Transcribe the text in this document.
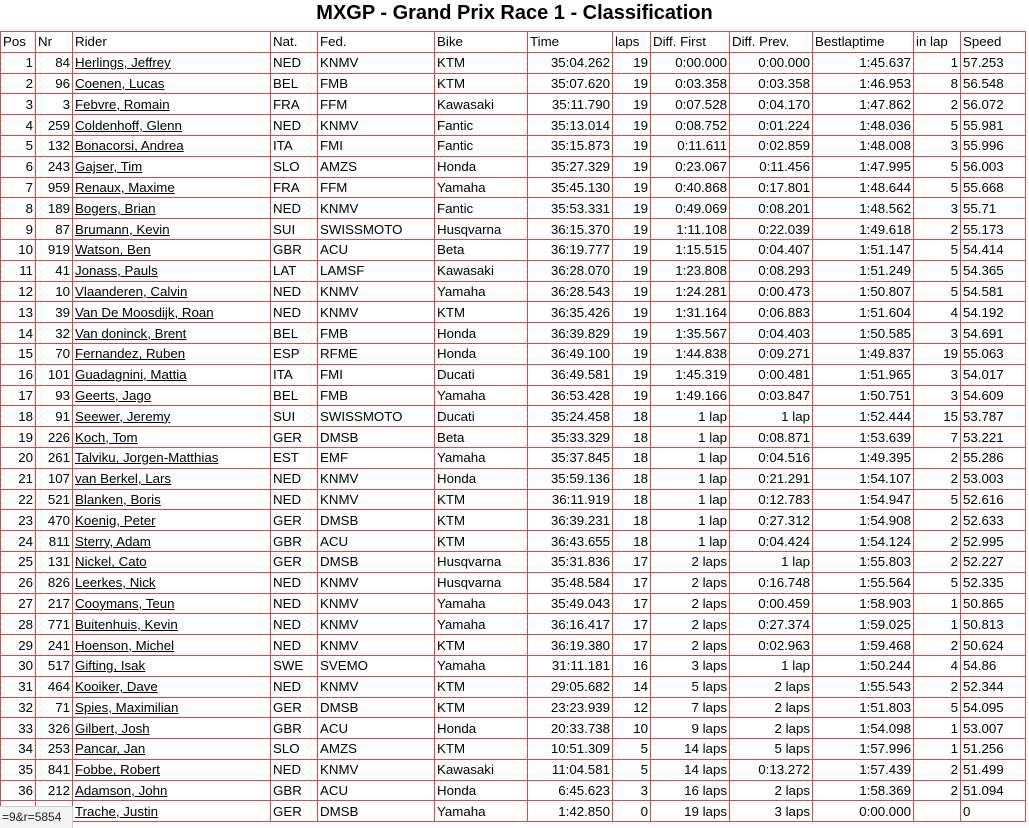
MXGP - Grand Prix Race 1 - Classification
Pos	Nr	Rider	Nat.	Fed.	Bike	Time	laps	Diff. First	Diff. Prev.	Bestlaptime	in lap	Speed
1	84	Herlings, Jeffrey	NED	KNMV	KTM	35:04.262	19	0:00.000	0:00.000	1:45.637	1	57.253
2	96	Coenen, Lucas	BEL	FMB	KTM	35:07.620	19	0:03.358	0:03.358	1:46.953	8	56.548
3	3	Febvre, Romain	FRA	FFM	Kawasaki	35:11.790	19	0:07.528	0:04.170	1:47.862	2	56.072
4	259	Coldenhoff, Glenn	NED	KNMV	Fantic	35:13.014	19	0:08.752	0:01.224	1:48.036	5	55.981
5	132	Bonacorsi, Andrea	ITA	FMI	Fantic	35:15.873	19	0:11.611	0:02.859	1:48.008	3	55.996
6	243	Gajser, Tim	SLO	AMZS	Honda	35:27.329	19	0:23.067	0:11.456	1:47.995	5	56.003
7	959	Renaux, Maxime	FRA	FFM	Yamaha	35:45.130	19	0:40.868	0:17.801	1:48.644	5	55.668
8	189	Bogers, Brian	NED	KNMV	Fantic	35:53.331	19	0:49.069	0:08.201	1:48.562	3	55.71
9	87	Brumann, Kevin	SUI	SWISSMOTO	Husqvarna	36:15.370	19	1:11.108	0:22.039	1:49.618	2	55.173
10	919	Watson, Ben	GBR	ACU	Beta	36:19.777	19	1:15.515	0:04.407	1:51.147	5	54.414
11	41	Jonass, Pauls	LAT	LAMSF	Kawasaki	36:28.070	19	1:23.808	0:08.293	1:51.249	5	54.365
12	10	Vlaanderen, Calvin	NED	KNMV	Yamaha	36:28.543	19	1:24.281	0:00.473	1:50.807	5	54.581
13	39	Van De Moosdijk, Roan	NED	KNMV	KTM	36:35.426	19	1:31.164	0:06.883	1:51.604	4	54.192
14	32	Van doninck, Brent	BEL	FMB	Honda	36:39.829	19	1:35.567	0:04.403	1:50.585	3	54.691
15	70	Fernandez, Ruben	ESP	RFME	Honda	36:49.100	19	1:44.838	0:09.271	1:49.837	19	55.063
16	101	Guadagnini, Mattia	ITA	FMI	Ducati	36:49.581	19	1:45.319	0:00.481	1:51.965	3	54.017
17	93	Geerts, Jago	BEL	FMB	Yamaha	36:53.428	19	1:49.166	0:03.847	1:50.751	3	54.609
18	91	Seewer, Jeremy	SUI	SWISSMOTO	Ducati	35:24.458	18	1 lap	1 lap	1:52.444	15	53.787
19	226	Koch, Tom	GER	DMSB	Beta	35:33.329	18	1 lap	0:08.871	1:53.639	7	53.221
20	261	Talviku, Jorgen-Matthias	EST	EMF	Yamaha	35:37.845	18	1 lap	0:04.516	1:49.395	2	55.286
21	107	van Berkel, Lars	NED	KNMV	Honda	35:59.136	18	1 lap	0:21.291	1:54.107	2	53.003
22	521	Blanken, Boris	NED	KNMV	KTM	36:11.919	18	1 lap	0:12.783	1:54.947	5	52.616
23	470	Koenig, Peter	GER	DMSB	KTM	36:39.231	18	1 lap	0:27.312	1:54.908	2	52.633
24	811	Sterry, Adam	GBR	ACU	KTM	36:43.655	18	1 lap	0:04.424	1:54.124	2	52.995
25	131	Nickel, Cato	GER	DMSB	Husqvarna	35:31.836	17	2 laps	1 lap	1:55.803	2	52.227
26	826	Leerkes, Nick	NED	KNMV	Husqvarna	35:48.584	17	2 laps	0:16.748	1:55.564	5	52.335
27	217	Cooymans, Teun	NED	KNMV	Yamaha	35:49.043	17	2 laps	0:00.459	1:58.903	1	50.865
28	771	Buitenhuis, Kevin	NED	KNMV	Yamaha	36:16.417	17	2 laps	0:27.374	1:59.025	1	50.813
29	241	Hoenson, Michel	NED	KNMV	KTM	36:19.380	17	2 laps	0:02.963	1:59.468	2	50.624
30	517	Gifting, Isak	SWE	SVEMO	Yamaha	31:11.181	16	3 laps	1 lap	1:50.244	4	54.86
31	464	Kooiker, Dave	NED	KNMV	KTM	29:05.682	14	5 laps	2 laps	1:55.543	2	52.344
32	71	Spies, Maximilian	GER	DMSB	KTM	23:23.939	12	7 laps	2 laps	1:51.803	5	54.095
33	326	Gilbert, Josh	GBR	ACU	Honda	20:33.738	10	9 laps	2 laps	1:54.098	1	53.007
34	253	Pancar, Jan	SLO	AMZS	KTM	10:51.309	5	14 laps	5 laps	1:57.996	1	51.256
35	841	Fobbe, Robert	NED	KNMV	Kawasaki	11:04.581	5	14 laps	0:13.272	1:57.439	2	51.499
36	212	Adamson, John	GBR	ACU	Honda	6:45.623	3	16 laps	2 laps	1:58.369	2	51.094
		Trache, Justin	GER	DMSB	Yamaha	1:42.850	0	19 laps	3 laps	0:00.000		0
=9&r=5854
